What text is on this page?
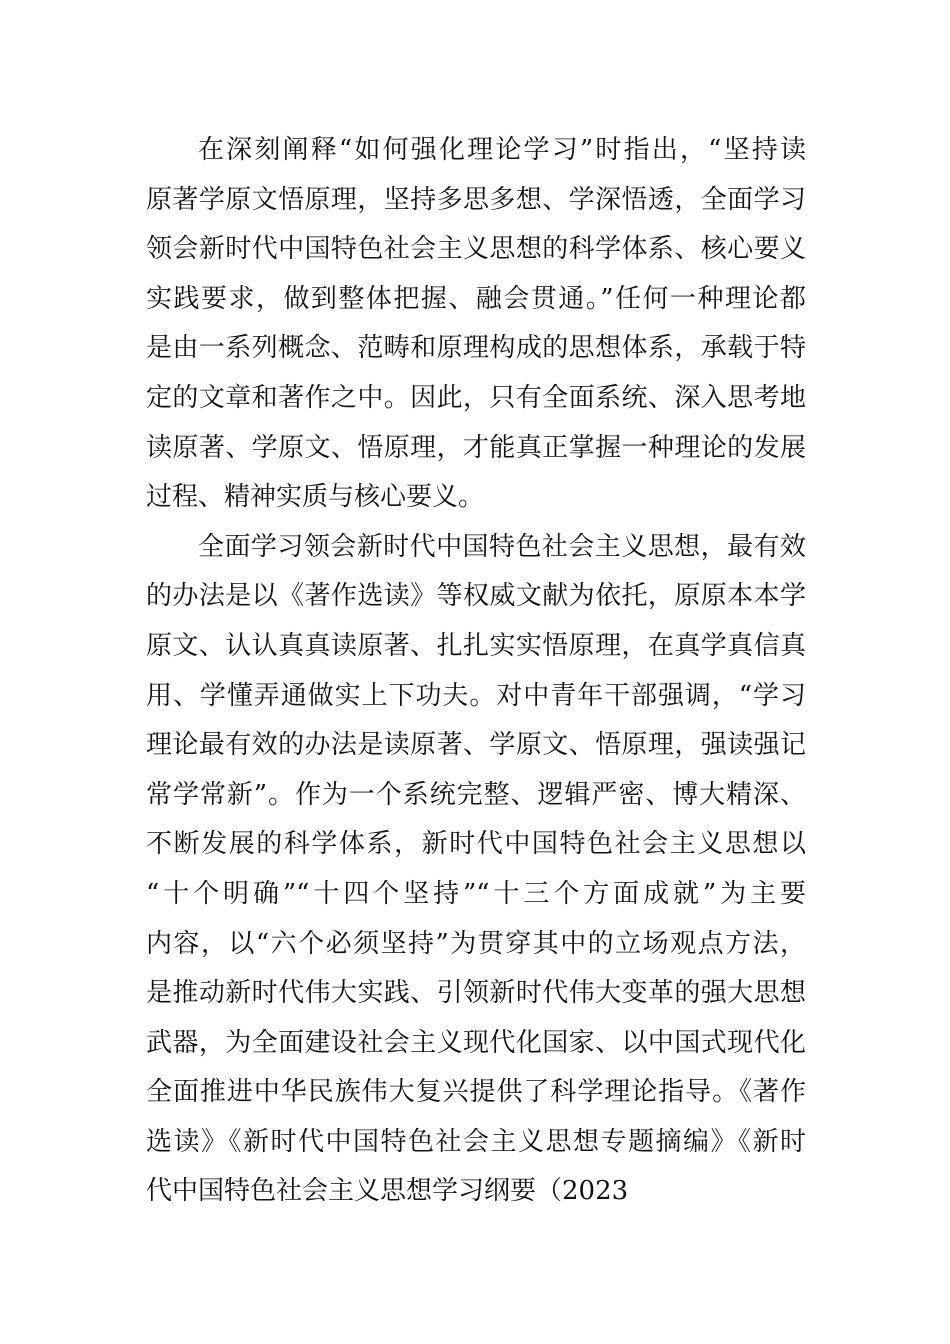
在深刻阐释“如何强化理论学习”时指出，“坚持读
原著学原文悟原理，坚持多思多想、学深悟透，全面学习
领会新时代中国特色社会主义思想的科学体系、核心要义
实践要求，做到整体把握、融会贯通。”任何一种理论都
是由一系列概念、范畴和原理构成的思想体系，承载于特
定的文章和著作之中。因此，只有全面系统、深入思考地
读原著、学原文、悟原理，才能真正掌握一种理论的发展
过程、精神实质与核心要义。
全面学习领会新时代中国特色社会主义思想，最有效
的办法是以《著作选读》等权威文献为依托，原原本本学
原文、认认真真读原著、扎扎实实悟原理，在真学真信真
用、学懂弄通做实上下功夫。对中青年干部强调，“学习
理论最有效的办法是读原著、学原文、悟原理，强读强记
常学常新”。作为一个系统完整、逻辑严密、博大精深、
不断发展的科学体系，新时代中国特色社会主义思想以
“十个明确”“十四个坚持”“十三个方面成就”为主要
内容，以“六个必须坚持”为贯穿其中的立场观点方法，
是推动新时代伟大实践、引领新时代伟大变革的强大思想
武器，为全面建设社会主义现代化国家、以中国式现代化
全面推进中华民族伟大复兴提供了科学理论指导。《著作
选读》《新时代中国特色社会主义思想专题摘编》《新时
代中国特色社会主义思想学习纲要（2023
